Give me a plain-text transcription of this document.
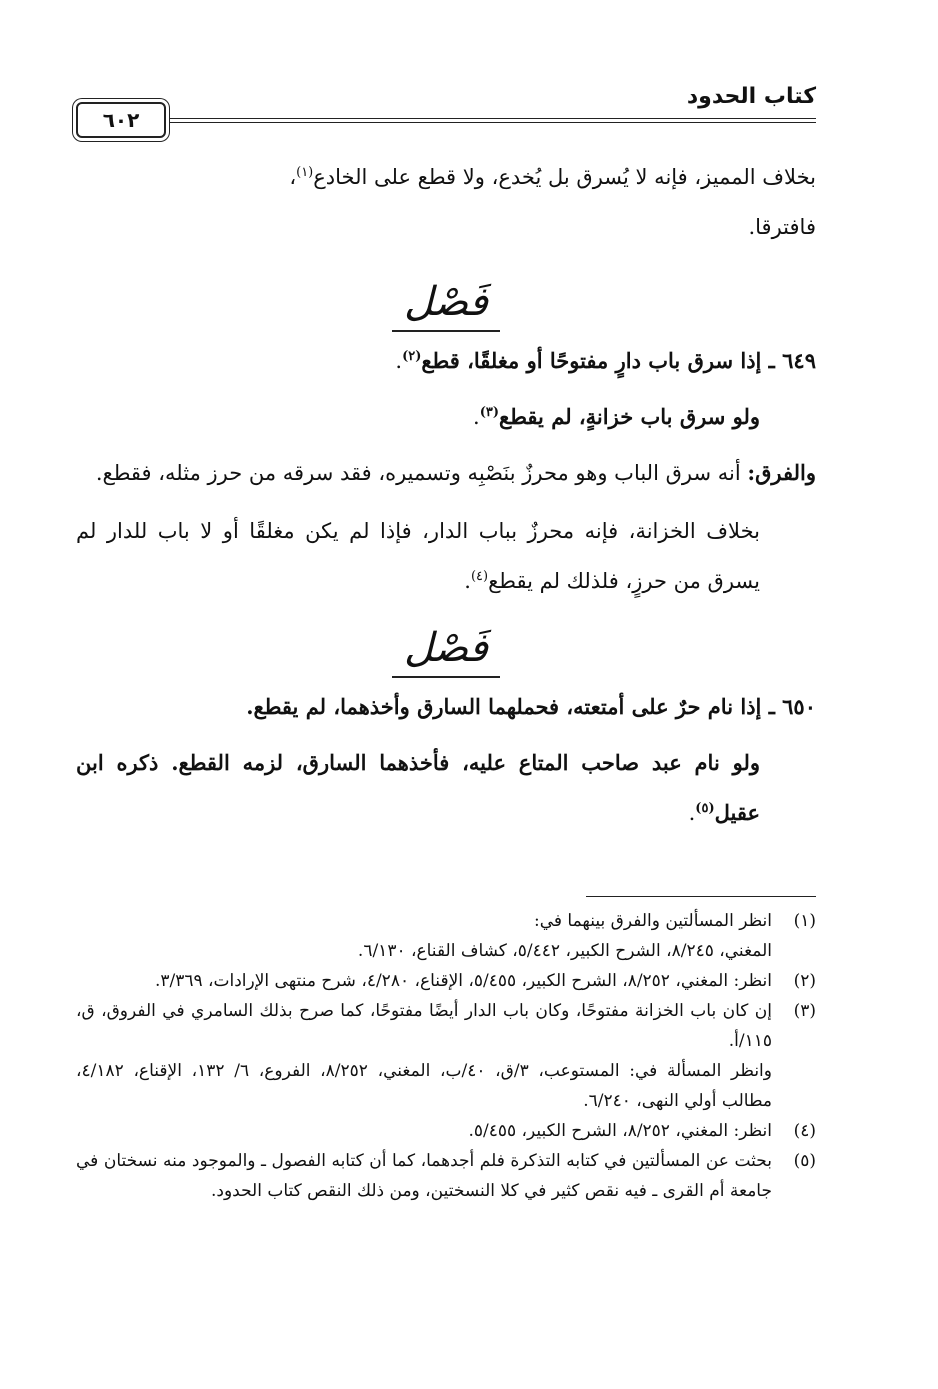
كتاب الحدود
٦٠٢

بخلاف المميز، فإنه لا يُسرق بل يُخدع، ولا قطع على الخادع$^{(١)}$،
فافترقا.

فَصْل

٦٤٩ ـ إذا سرق باب دارٍ مفتوحًا أو مغلقًا، قطع$^{(٢)}$.

ولو سرق باب خزانةٍ، لم يقطع$^{(٣)}$.

والفرق: أنه سرق الباب وهو محرزٌ بنَصْبِه وتسميره، فقد سرقه من حرز مثله، فقطع.

بخلاف الخزانة، فإنه محرزٌ بباب الدار، فإذا لم يكن مغلقًا أو لا باب للدار لم يسرق من حرزٍ، فلذلك لم يقطع$^{(٤)}$.

فَصْل

٦٥٠ ـ إذا نام حرٌ على أمتعته، فحملهما السارق وأخذهما، لم يقطع.

ولو نام عبد صاحب المتاع عليه، فأخذهما السارق، لزمه القطع. ذكره ابن عقيل$^{(٥)}$.

(١)
انظر المسألتين والفرق بينهما في:
المغني، ٨/٢٤٥، الشرح الكبير، ٥/٤٤٢، كشاف القناع، ٦/١٣٠.
(٢)
انظر: المغني، ٨/٢٥٢، الشرح الكبير، ٥/٤٥٥، الإقناع، ٤/٢٨٠، شرح منتهى الإرادات، ٣/٣٦٩.
(٣)
إن كان باب الخزانة مفتوحًا، وكان باب الدار أيضًا مفتوحًا، كما صرح بذلك السامري في الفروق، ق، ١١٥/أ.
وانظر المسألة في: المستوعب، ٣/ق، ٤٠/ب، المغني، ٨/٢٥٢، الفروع، ٦/ ١٣٢، الإقناع، ٤/١٨٢، مطالب أولي النهى، ٦/٢٤٠.
(٤)
انظر: المغني، ٨/٢٥٢، الشرح الكبير، ٥/٤٥٥.
(٥)
بحثت عن المسألتين في كتابه التذكرة فلم أجدهما، كما أن كتابه الفصول ـ والموجود منه نسختان في جامعة أم القرى ـ فيه نقص كثير في كلا النسختين، ومن ذلك النقص كتاب الحدود.
